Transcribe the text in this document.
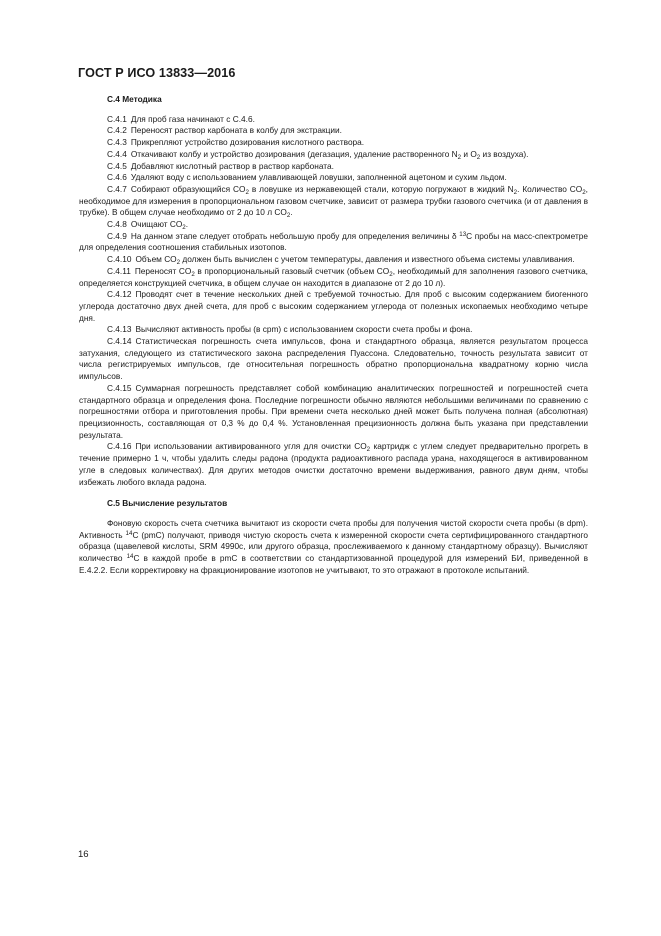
ГОСТ Р ИСО 13833—2016

С.4 Методика

С.4.1 Для проб газа начинают с С.4.6.

С.4.2 Переносят раствор карбоната в колбу для экстракции.

С.4.3 Прикрепляют устройство дозирования кислотного раствора.

С.4.4 Откачивают колбу и устройство дозирования (дегазация, удаление растворенного $N_2$ и $O_2$ из воздуха).

С.4.5 Добавляют кислотный раствор в раствор карбоната.

С.4.6 Удаляют воду с использованием улавливающей ловушки, заполненной ацетоном и сухим льдом.

С.4.7 Собирают образующийся $CO_2$ в ловушке из нержавеющей стали, которую погружают в жидкий $N_2$. Количество $CO_2$, необходимое для измерения в пропорциональном газовом счетчике, зависит от размера трубки газового счетчика (и от давления в трубке). В общем случае необходимо от 2 до 10 л $CO_2$.

С.4.8 Очищают $CO_2$.

С.4.9 На данном этапе следует отобрать небольшую пробу для определения величины δ $^{13}$С пробы на масс-спектрометре для определения соотношения стабильных изотопов.

С.4.10 Объем $CO_2$ должен быть вычислен с учетом температуры, давления и известного объема системы улавливания.

С.4.11 Переносят $CO_2$ в пропорциональный газовый счетчик (объем $CO_2$, необходимый для заполнения газового счетчика, определяется конструкцией счетчика, в общем случае он находится в диапазоне от 2 до 10 л).

С.4.12 Проводят счет в течение нескольких дней с требуемой точностью. Для проб с высоким содержанием биогенного углерода достаточно двух дней счета, для проб с высоким содержанием углерода от полезных ископаемых необходимо четыре дня.

С.4.13 Вычисляют активность пробы (в cpm) с использованием скорости счета пробы и фона.

С.4.14 Статистическая погрешность счета импульсов, фона и стандартного образца, является результатом процесса затухания, следующего из статистического закона распределения Пуассона. Следовательно, точность результата зависит от числа регистрируемых импульсов, где относительная погрешность обратно пропорциональна квадратному корню числа импульсов.

С.4.15 Суммарная погрешность представляет собой комбинацию аналитических погрешностей и погрешностей счета стандартного образца и определения фона. Последние погрешности обычно являются небольшими величинами по сравнению с погрешностями отбора и приготовления пробы. При времени счета несколько дней может быть получена полная (абсолютная) прецизионность, составляющая от 0,3 % до 0,4 %. Установленная прецизионность должна быть указана при представлении результата.

С.4.16 При использовании активированного угля для очистки $CO_2$ картридж с углем следует предварительно прогреть в течение примерно 1 ч, чтобы удалить следы радона (продукта радиоактивного распада урана, находящегося в активированном угле в следовых количествах). Для других методов очистки достаточно времени выдерживания, равного двум дням, чтобы избежать любого вклада радона.

С.5 Вычисление результатов

Фоновую скорость счета счетчика вычитают из скорости счета пробы для получения чистой скорости счета пробы (в dpm). Активность $^{14}$С (pmC) получают, приводя чистую скорость счета к измеренной скорости счета сертифицированного стандартного образца (щавелевой кислоты, SRM 4990c, или другого образца, прослеживаемого к данному стандартному образцу). Вычисляют количество $^{14}$С в каждой пробе в pmC в соответствии со стандартизованной процедурой для измерений БИ, приведенной в Е.4.2.2. Если корректировку на фракционирование изотопов не учитывают, то это отражают в протоколе испытаний.

16
